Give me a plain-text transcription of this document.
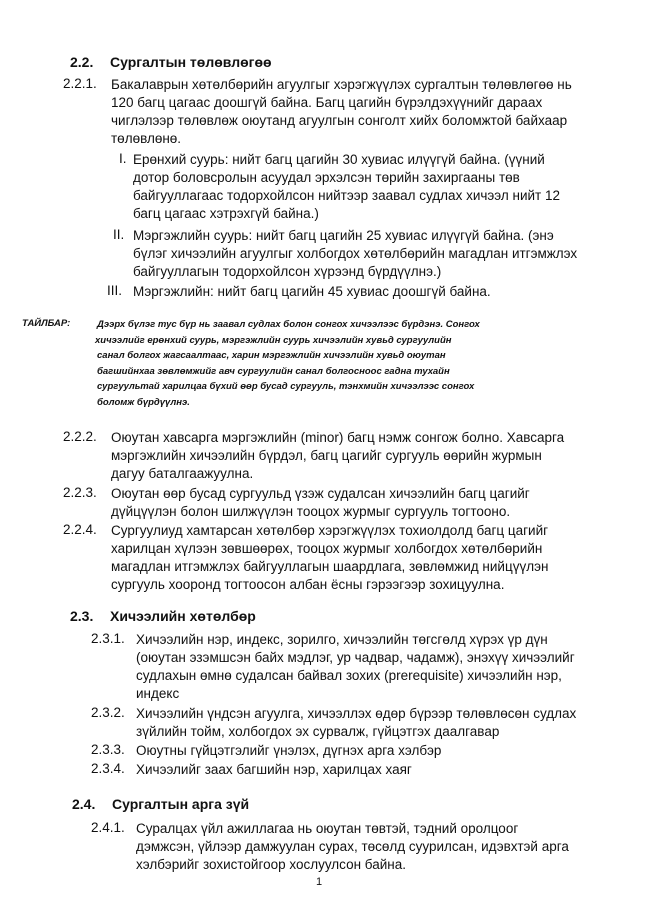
2.2. Сургалтын төлөвлөгөө
2.2.1. Бакалаврын хөтөлбөрийн агуулгыг хэрэгжүүлэх сургалтын төлөвлөгөө нь

120 багц цагаас доошгүй байна. Багц цагийн бүрэлдэхүүнийг дараах

чиглэлээр төлөвлөж оюутанд агуулгын сонголт хийх боломжтой байхаар

төлөвлөнө.

I. Ерөнхий суурь: нийт багц цагийн 30 хувиас илүүгүй байна. (үүний

дотор боловсролын асуудал эрхэлсэн төрийн захиргааны төв

байгууллагаас тодорхойлсон нийтээр заавал судлах хичээл нийт 12

багц цагаас хэтрэхгүй байна.)

II. Мэргэжлийн суурь: нийт багц цагийн 25 хувиас илүүгүй байна. (энэ

бүлэг хичээлийн агуулгыг холбогдох хөтөлбөрийн магадлан итгэмжлэх

байгууллагын тодорхойлсон хүрээнд бүрдүүлнэ.)

III. Мэргэжлийн: нийт багц цагийн 45 хувиас доошгүй байна.

ТАЙЛБАР:	Дээрх бүлэг тус бүр нь заавал судлах болон сонгох хичээлээс бүрдэнэ. Сонгох

хичээлийг ерөнхий суурь, мэргэжлийн суурь хичээлийн хувьд сургуулийн

санал болгох жагсаалтаас, харин мэргэжлийн хичээлийн хувьд оюутан

багшийнхаа зөвлөмжийг авч сургуулийн санал болгосноос гадна тухайн

сургуультай харилцаа бүхий өөр бусад сургууль, тэнхмийн хичээлээс сонгох

боломж бүрдүүлнэ.

2.2.2. Оюутан хавсарга мэргэжлийн (minor) багц нэмж сонгож болно. Хавсарга

мэргэжлийн хичээлийн бүрдэл, багц цагийг сургууль өөрийн журмын

дагуу баталгаажуулна.

2.2.3. Оюутан өөр бусад сургуульд үзэж судалсан хичээлийн багц цагийг

дүйцүүлэн болон шилжүүлэн тооцох журмыг сургууль тогтооно.

2.2.4. Сургуулиуд хамтарсан хөтөлбөр хэрэгжүүлэх тохиолдолд багц цагийг

харилцан хүлээн зөвшөөрөх, тооцох журмыг холбогдох хөтөлбөрийн

магадлан итгэмжлэх байгууллагын шаардлага, зөвлөмжид нийцүүлэн

сургууль хооронд тогтоосон албан ёсны гэрээгээр зохицуулна.

2.3. Хичээлийн хөтөлбөр
2.3.1. Хичээлийн нэр, индекс, зорилго, хичээлийн төгсгөлд хүрэх үр дүн

(оюутан эзэмшсэн байх мэдлэг, ур чадвар, чадамж), энэхүү хичээлийг

судлахын өмнө судалсан байвал зохих (prerequisite) хичээлийн нэр,

индекс

2.3.2. Хичээлийн үндсэн агуулга, хичээллэх өдөр бүрээр төлөвлөсөн судлах

зүйлийн тойм, холбогдох эх сурвалж, гүйцэтгэх даалгавар

2.3.3. Оюутны гүйцэтгэлийг үнэлэх, дүгнэх арга хэлбэр

2.3.4. Хичээлийг заах багшийн нэр, харилцах хаяг

2.4. Сургалтын арга зүй
2.4.1. Суралцах үйл ажиллагаа нь оюутан төвтэй, тэдний оролцоог

дэмжсэн, үйлээр дамжуулан сурах, төсөлд суурилсан, идэвхтэй арга

хэлбэрийг зохистойгоор хослуулсон байна.

1
